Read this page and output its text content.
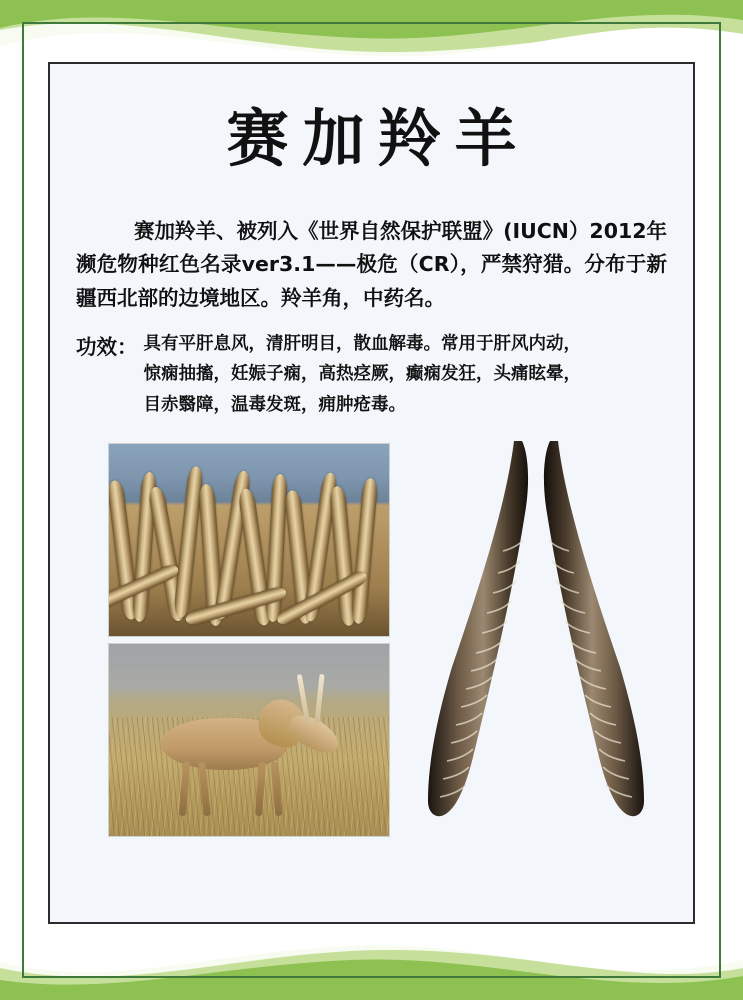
赛加羚羊
赛加羚羊、被列入《世界自然保护联盟》(IUCN）2012年濒危物种红色名录ver3.1——极危（CR），严禁狩猎。分布于新疆西北部的边境地区。羚羊角，中药名。
功效： 具有平肝息风，清肝明目，散血解毒。常用于肝风内动，

惊痫抽搐，妊娠子痫，高热痉厥，癫痫发狂，头痛眩晕，

目赤翳障，温毒发斑，痈肿疮毒。
